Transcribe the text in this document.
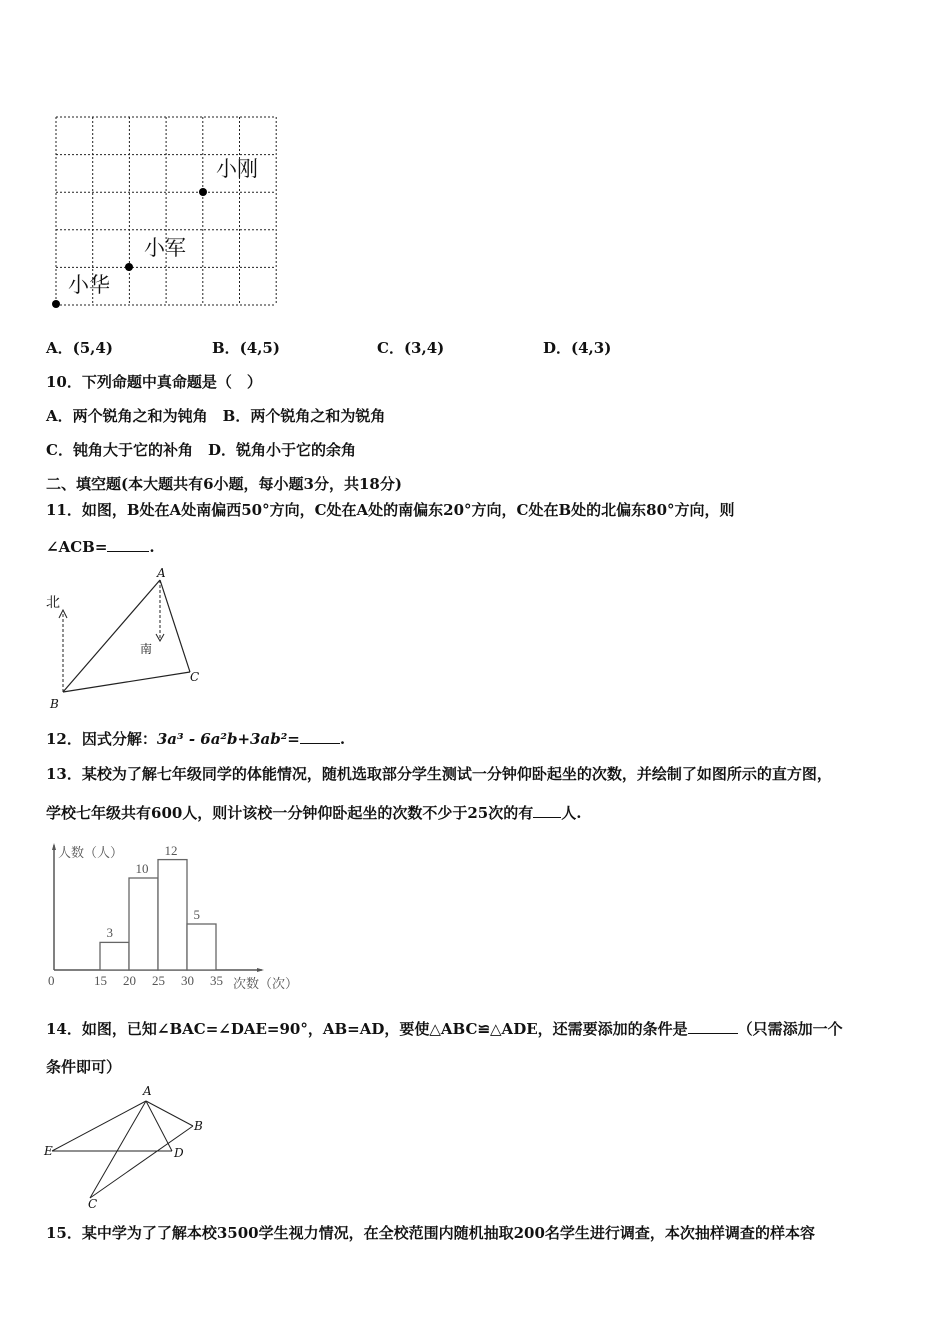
小刚
小军
小华
A．(5,4)	B．(4,5)	C．(3,4)	D．(4,3)
10．下列命题中真命题是（　）
A．两个锐角之和为钝角　B．两个锐角之和为锐角
C．钝角大于它的补角　D．锐角小于它的余角
二、填空题(本大题共有6小题，每小题3分，共18分)
11．如图，B处在A处南偏西50°方向，C处在A处的南偏东20°方向，C处在B处的北偏东80°方向，则
∠ACB=	.
北
南
A
B
C
12．因式分解：3a³ - 6a²b+3ab²=	.
13．某校为了解七年级同学的体能情况，随机选取部分学生测试一分钟仰卧起坐的次数，并绘制了如图所示的直方图，
学校七年级共有600人，则计该校一分钟仰卧起坐的次数不少于25次的有 人.
人数（人）
次数（次）
3
10
12
5
0	15 20 25 30 35
14．如图，已知∠BAC=∠DAE=90°，AB=AD，要使△ABC≌△ADE，还需要添加的条件是	（只需添加一个
条件即可）
A
B
E	D
C
15．某中学为了了解本校3500学生视力情况，在全校范围内随机抽取200名学生进行调查，本次抽样调查的样本容
